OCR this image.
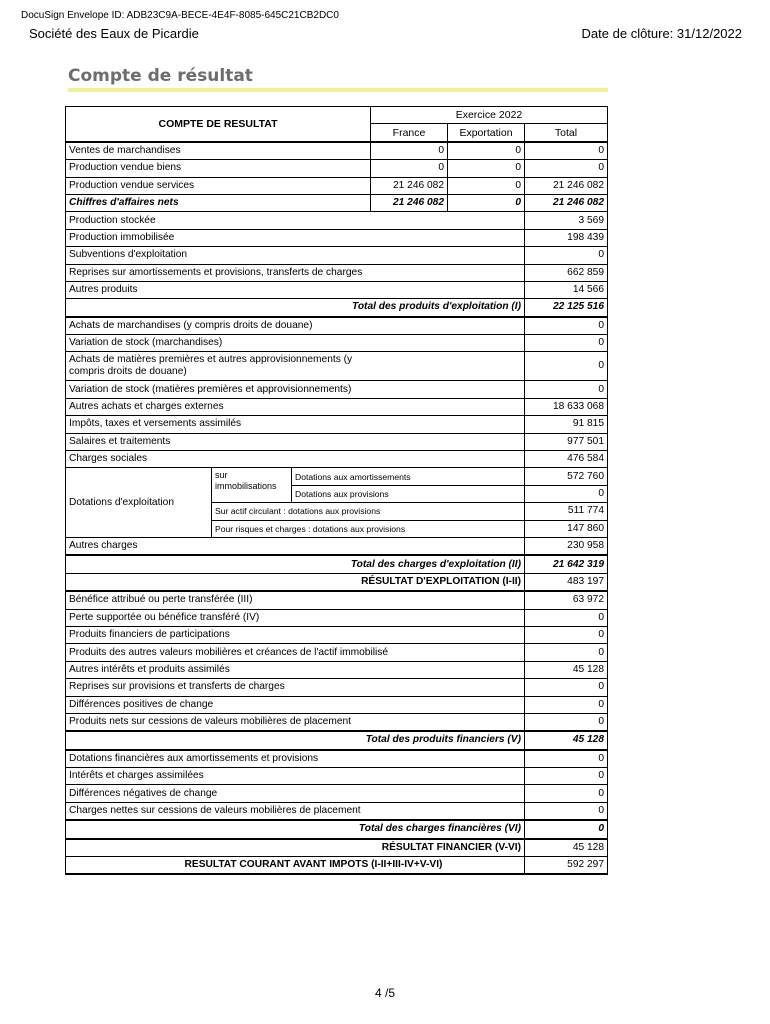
DocuSign Envelope ID: ADB23C9A-BECE-4E4F-8085-645C21CB2DC0
Société des Eaux de Picardie	Date de clôture: 31/12/2022
Compte de résultat
COMPTE DE RESULTAT			Exercice 2022	
			France	Exportation	Total	
Ventes de marchandises			0	0	0	
Production vendue biens			0	0	0	
Production vendue services			21 246 082	0	21 246 082	
Chiffres d'affaires nets			21 246 082	0	21 246 082	
Production stockée					3 569	
Production immobilisée					198 439	
Subventions d'exploitation					0	
Reprises sur amortissements et provisions, transferts de charges					662 859	
Autres produits					14 566	
Total des produits d'exploitation (I)					22 125 516	
Achats de marchandises (y compris droits de douane)					0	
Variation de stock (marchandises)					0	
Achats de matières premières et autres approvisionnements (y compris droits de douane)					0	
Variation de stock (matières premières et approvisionnements)					0	
Autres achats et charges externes					18 633 068	
Impôts, taxes et versements assimilés					91 815	
Salaires et traitements					977 501	
Charges sociales					476 584	
Dotations d'exploitation	sur immobilisations	Dotations aux amortissements			572 760	
		Dotations aux provisions			0	
	Sur actif circulant : dotations aux provisions				511 774	
	Pour risques et charges : dotations aux provisions				147 860	
Autres charges					230 958	
Total des charges d'exploitation (II)					21 642 319	
RÉSULTAT D'EXPLOITATION (I-II)					483 197	
Bénéfice attribué ou perte transférée (III)					63 972	
Perte supportée ou bénéfice transféré (IV)					0	
Produits financiers de participations					0	
Produits des autres valeurs mobilières et créances de l'actif immobilisé					0	
Autres intérêts et produits assimilés					45 128	
Reprises sur provisions et transferts de charges					0	
Différences positives de change					0	
Produits nets sur cessions de valeurs mobilières de placement					0	
Total des produits financiers (V)					45 128	
Dotations financières aux amortissements et provisions					0	
Intérêts et charges assimilées					0	
Différences négatives de change					0	
Charges nettes sur cessions de valeurs mobilières de placement					0	
Total des charges financières (VI)					0	
RÉSULTAT FINANCIER (V-VI)					45 128	
RESULTAT COURANT AVANT IMPOTS (I-II+III-IV+V-VI)					592 297	
4 /5
